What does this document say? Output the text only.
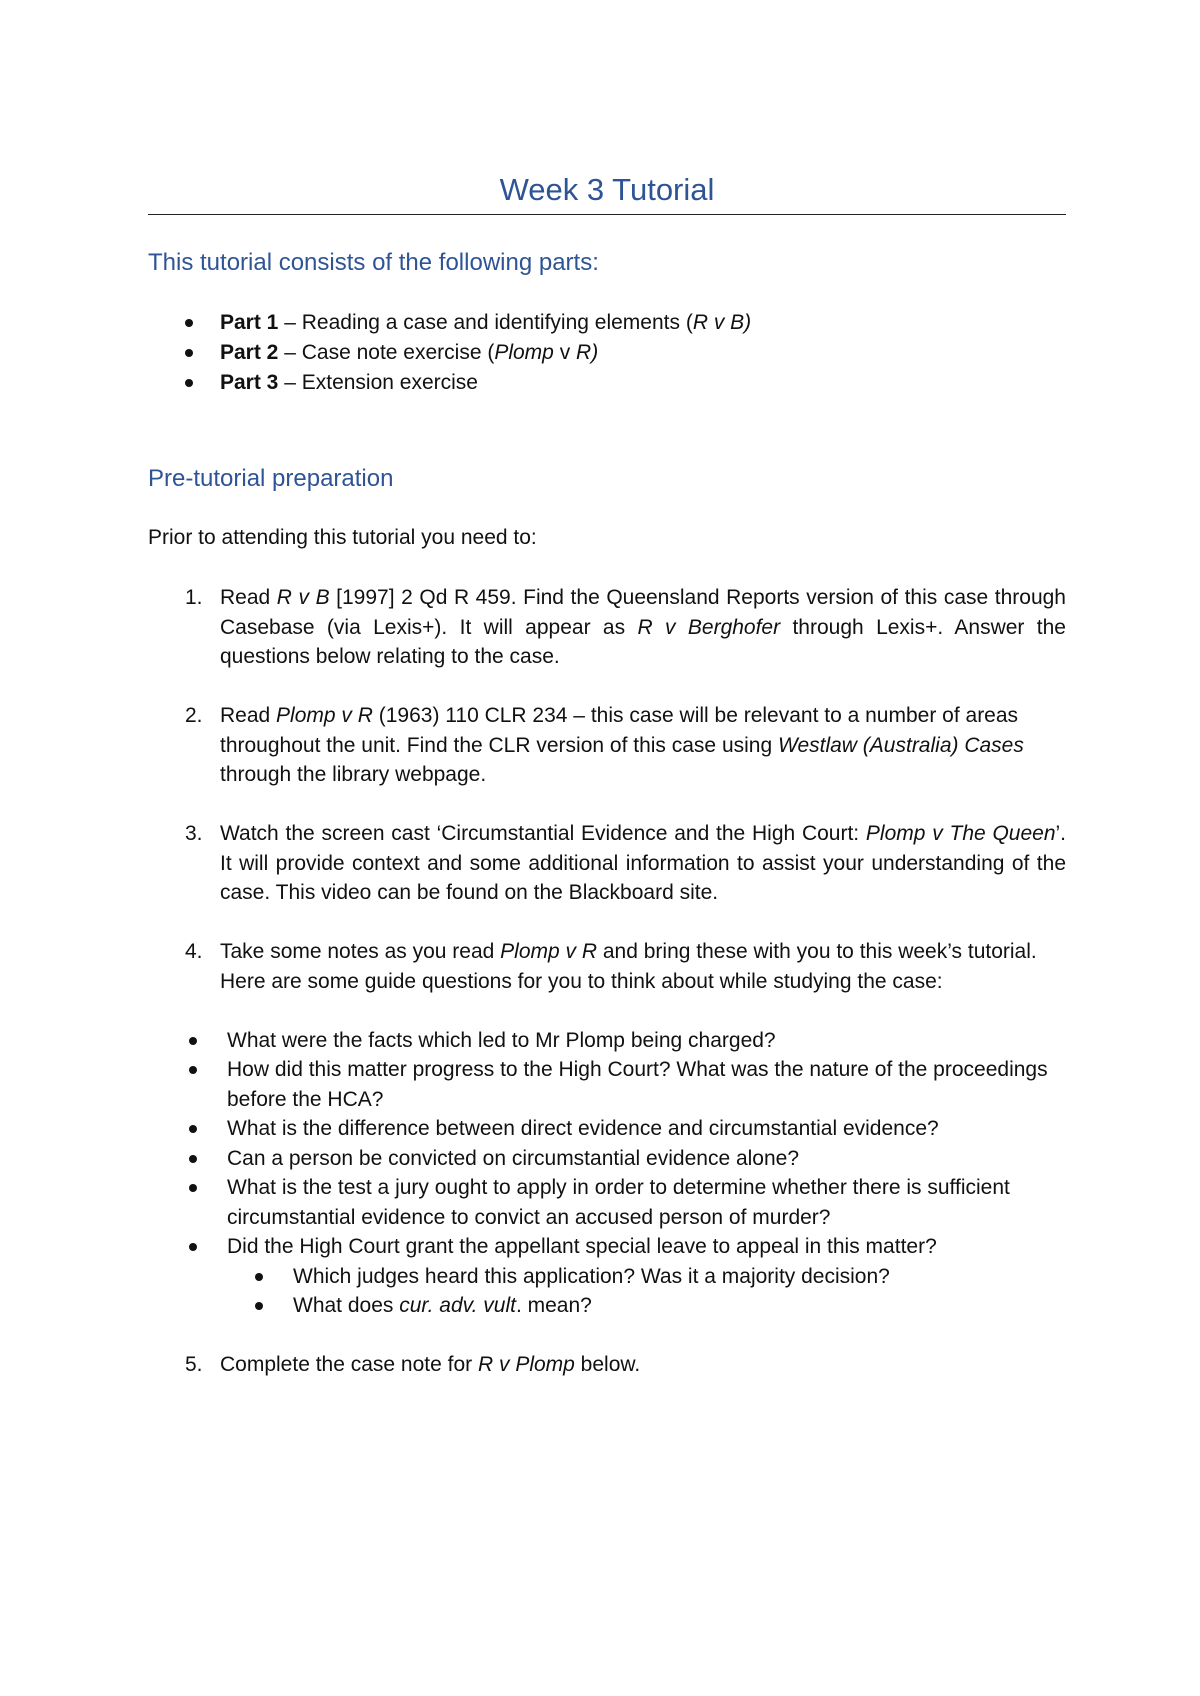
Week 3 Tutorial
This tutorial consists of the following parts:
Part 1 – Reading a case and identifying elements (R v B)
Part 2 – Case note exercise (Plomp v R)
Part 3 – Extension exercise
Pre-tutorial preparation
Prior to attending this tutorial you need to:
1. Read R v B [1997] 2 Qd R 459. Find the Queensland Reports version of this case through Casebase (via Lexis+). It will appear as R v Berghofer through Lexis+. Answer the questions below relating to the case.
2. Read Plomp v R (1963) 110 CLR 234 – this case will be relevant to a number of areas throughout the unit. Find the CLR version of this case using Westlaw (Australia) Cases through the library webpage.
3. Watch the screen cast ‘Circumstantial Evidence and the High Court: Plomp v The Queen’. It will provide context and some additional information to assist your understanding of the case. This video can be found on the Blackboard site.
4. Take some notes as you read Plomp v R and bring these with you to this week’s tutorial. Here are some guide questions for you to think about while studying the case:
What were the facts which led to Mr Plomp being charged?
How did this matter progress to the High Court? What was the nature of the proceedings before the HCA?
What is the difference between direct evidence and circumstantial evidence?
Can a person be convicted on circumstantial evidence alone?
What is the test a jury ought to apply in order to determine whether there is sufficient circumstantial evidence to convict an accused person of murder?
Did the High Court grant the appellant special leave to appeal in this matter?
Which judges heard this application? Was it a majority decision?
What does cur. adv. vult. mean?
5. Complete the case note for R v Plomp below.
